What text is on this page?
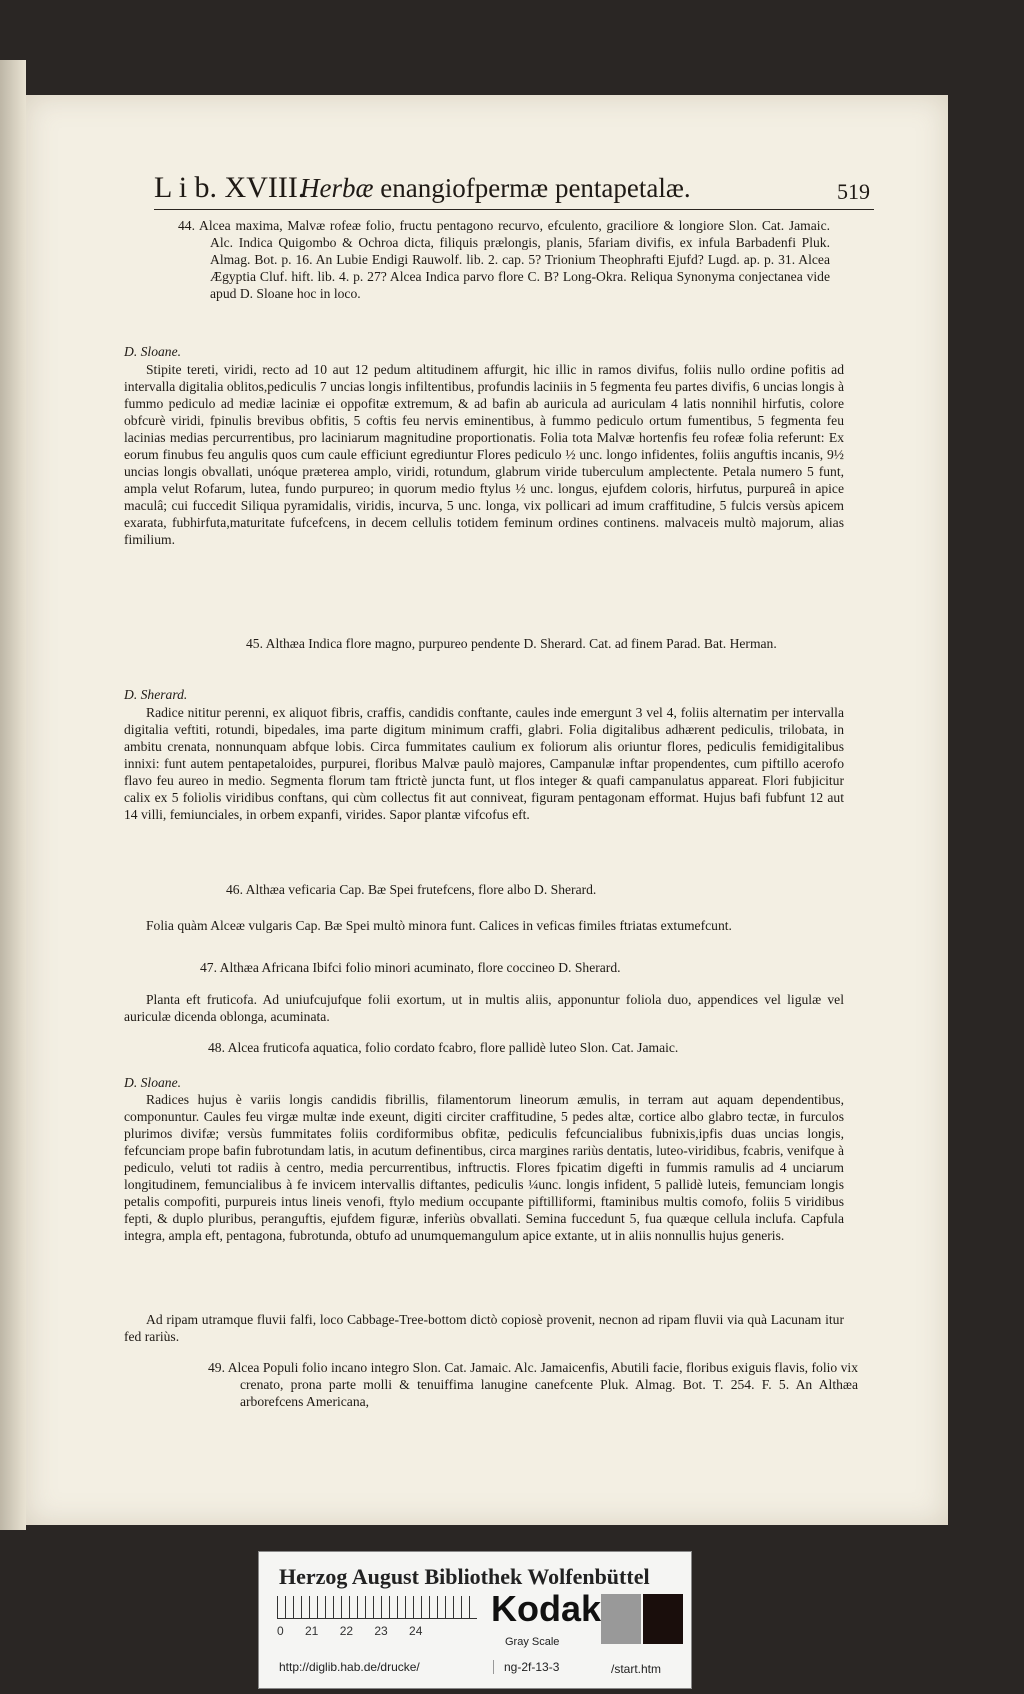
L i b. XVIII.
Herbæ enangiofpermæ pentapetalæ.	519
44. Alcea maxima, Malvæ rofeæ folio, fructu pentagono recurvo, efculento, graciliore & longiore Slon. Cat. Jamaic. Alc. Indica Quigombo & Ochroa dicta, filiquis prælongis, planis, 5fariam divifis, ex infula Barbadenfi Pluk. Almag. Bot. p. 16. An Lubie Endigi Rauwolf. lib. 2. cap. 5? Trionium Theophrafti Ejufd? Lugd. ap. p. 31. Alcea Ægyptia Cluf. hift. lib. 4. p. 27? Alcea Indica parvo flore C. B? Long-Okra. Reliqua Synonyma conjectanea vide apud D. Sloane hoc in loco.
D. Sloane.
Stipite tereti, viridi, recto ad 10 aut 12 pedum altitudinem affurgit, hic illic in ramos divifus, foliis nullo ordine pofitis ad intervalla digitalia oblitos,pediculis 7 uncias longis infiltentibus, profundis laciniis in 5 fegmenta feu partes divifis, 6 uncias longis à fummo pediculo ad mediæ laciniæ ei oppofitæ extremum, & ad bafin ab auricula ad auriculam 4 latis nonnihil hirfutis, colore obfcurè viridi, fpinulis brevibus obfitis, 5 coftis feu nervis eminentibus, à fummo pediculo ortum fumentibus, 5 fegmenta feu lacinias medias percurrentibus, pro laciniarum magnitudine proportionatis. Folia tota Malvæ hortenfis feu rofeæ folia referunt: Ex eorum finubus feu angulis quos cum caule efficiunt egrediuntur Flores pediculo ½ unc. longo infidentes, foliis anguftis incanis, 9½ uncias longis obvallati, unóque præterea amplo, viridi, rotundum, glabrum viride tuberculum amplectente. Petala numero 5 funt, ampla velut Rofarum, lutea, fundo purpureo; in quorum medio ftylus ½ unc. longus, ejufdem coloris, hirfutus, purpureâ in apice maculâ; cui fuccedit Siliqua pyramidalis, viridis, incurva, 5 unc. longa, vix pollicari ad imum craffitudine, 5 fulcis versùs apicem exarata, fubhirfuta,maturitate fufcefcens, in decem cellulis totidem feminum ordines continens. malvaceis multò majorum, alias fimilium.
45. Althæa Indica flore magno, purpureo pendente D. Sherard. Cat. ad finem Parad. Bat. Herman.
D. Sherard.
Radice nititur perenni, ex aliquot fibris, craffis, candidis conftante, caules inde emergunt 3 vel 4, foliis alternatim per intervalla digitalia veftiti, rotundi, bipedales, ima parte digitum minimum craffi, glabri. Folia digitalibus adhærent pediculis, trilobata, in ambitu crenata, nonnunquam abfque lobis. Circa fummitates caulium ex foliorum alis oriuntur flores, pediculis femidigitalibus innixi: funt autem pentapetaloides, purpurei, floribus Malvæ paulò majores, Campanulæ inftar propendentes, cum piftillo acerofo flavo feu aureo in medio. Segmenta florum tam ftrictè juncta funt, ut flos integer & quafi campanulatus appareat. Flori fubjicitur calix ex 5 foliolis viridibus conftans, qui cùm collectus fit aut conniveat, figuram pentagonam efformat. Hujus bafi fubfunt 12 aut 14 villi, femiunciales, in orbem expanfi, virides. Sapor plantæ vifcofus eft.
46. Althæa veficaria Cap. Bæ Spei frutefcens, flore albo D. Sherard.
Folia quàm Alceæ vulgaris Cap. Bæ Spei multò minora funt. Calices in veficas fimiles ftriatas extumefcunt.
47. Althæa Africana Ibifci folio minori acuminato, flore coccineo D. Sherard.
Planta eft fruticofa. Ad uniufcujufque folii exortum, ut in multis aliis, apponuntur foliola duo, appendices vel ligulæ vel auriculæ dicenda oblonga, acuminata.
48. Alcea fruticofa aquatica, folio cordato fcabro, flore pallidè luteo Slon. Cat. Jamaic.
D. Sloane.
Radices hujus è variis longis candidis fibrillis, filamentorum lineorum æmulis, in terram aut aquam dependentibus, componuntur. Caules feu virgæ multæ inde exeunt, digiti circiter craffitudine, 5 pedes altæ, cortice albo glabro tectæ, in furculos plurimos divifæ; versùs fummitates foliis cordiformibus obfitæ, pediculis fefcuncialibus fubnixis,ipfis duas uncias longis, fefcunciam prope bafin fubrotundam latis, in acutum definentibus, circa margines rariùs dentatis, luteo-viridibus, fcabris, venifque à pediculo, veluti tot radiis à centro, media percurrentibus, inftructis. Flores fpicatim digefti in fummis ramulis ad 4 unciarum longitudinem, femuncialibus à fe invicem intervallis diftantes, pediculis ¼unc. longis infident, 5 pallidè luteis, femunciam longis petalis compofiti, purpureis intus lineis venofi, ftylo medium occupante piftilliformi, ftaminibus multis comofo, foliis 5 viridibus fepti, & duplo pluribus, peranguftis, ejufdem figuræ, inferiùs obvallati. Semina fuccedunt 5, fua quæque cellula inclufa. Capfula integra, ampla eft, pentagona, fubrotunda, obtufo ad unumquemangulum apice extante, ut in aliis nonnullis hujus generis.
Ad ripam utramque fluvii falfi, loco Cabbage-Tree-bottom dictò copiosè provenit, necnon ad ripam fluvii via quà Lacunam itur fed rariùs.
49. Alcea Populi folio incano integro Slon. Cat. Jamaic. Alc. Jamaicenfis, Abutili facie, floribus exiguis flavis, folio vix crenato, prona parte molli & tenuiffima lanugine canefcente Pluk. Almag. Bot. T. 254. F. 5. An Althæa arborefcens Americana,
Herzog August Bibliothek Wolfenbüttel
0 21 22 23 24
Kodak
Gray Scale
http://diglib.hab.de/drucke/	ng-2f-13-3	/start.htm
